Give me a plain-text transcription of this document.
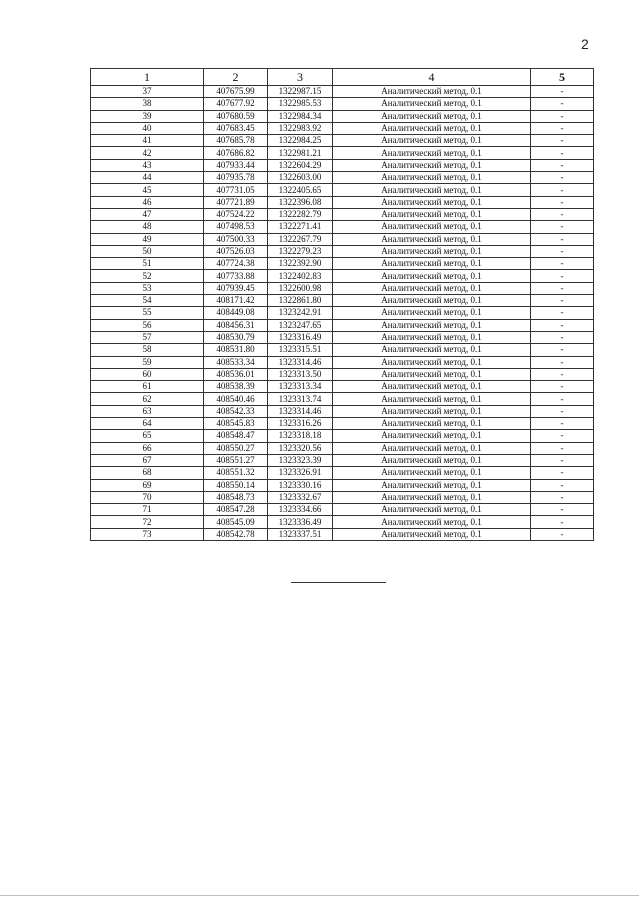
2
1	2	3	4	5
37	407675.99	1322987.15	Аналитический метод, 0.1	-
38	407677.92	1322985.53	Аналитический метод, 0.1	-
39	407680.59	1322984.34	Аналитический метод, 0.1	-
40	407683.45	1322983.92	Аналитический метод, 0.1	-
41	407685.78	1322984.25	Аналитический метод, 0.1	-
42	407686.82	1322981.21	Аналитический метод, 0.1	-
43	407933.44	1322604.29	Аналитический метод, 0.1	-
44	407935.78	1322603.00	Аналитический метод, 0.1	-
45	407731.05	1322405.65	Аналитический метод, 0.1	-
46	407721.89	1322396.08	Аналитический метод, 0.1	-
47	407524.22	1322282.79	Аналитический метод, 0.1	-
48	407498.53	1322271.41	Аналитический метод, 0.1	-
49	407500.33	1322267.79	Аналитический метод, 0.1	-
50	407526.03	1322279.23	Аналитический метод, 0.1	-
51	407724.38	1322392.90	Аналитический метод, 0.1	-
52	407733.88	1322402.83	Аналитический метод, 0.1	-
53	407939.45	1322600.98	Аналитический метод, 0.1	-
54	408171.42	1322861.80	Аналитический метод, 0.1	-
55	408449.08	1323242.91	Аналитический метод, 0.1	-
56	408456.31	1323247.65	Аналитический метод, 0.1	-
57	408530.79	1323316.49	Аналитический метод, 0.1	-
58	408531.80	1323315.51	Аналитический метод, 0.1	-
59	408533.34	1323314.46	Аналитический метод, 0.1	-
60	408536.01	1323313.50	Аналитический метод, 0.1	-
61	408538.39	1323313.34	Аналитический метод, 0.1	-
62	408540.46	1323313.74	Аналитический метод, 0.1	-
63	408542.33	1323314.46	Аналитический метод, 0.1	-
64	408545.83	1323316.26	Аналитический метод, 0.1	-
65	408548.47	1323318.18	Аналитический метод, 0.1	-
66	408550.27	1323320.56	Аналитический метод, 0.1	-
67	408551.27	1323323.39	Аналитический метод, 0.1	-
68	408551.32	1323326.91	Аналитический метод, 0.1	-
69	408550.14	1323330.16	Аналитический метод, 0.1	-
70	408548.73	1323332.67	Аналитический метод, 0.1	-
71	408547.28	1323334.66	Аналитический метод, 0.1	-
72	408545.09	1323336.49	Аналитический метод, 0.1	-
73	408542.78	1323337.51	Аналитический метод, 0.1	-
